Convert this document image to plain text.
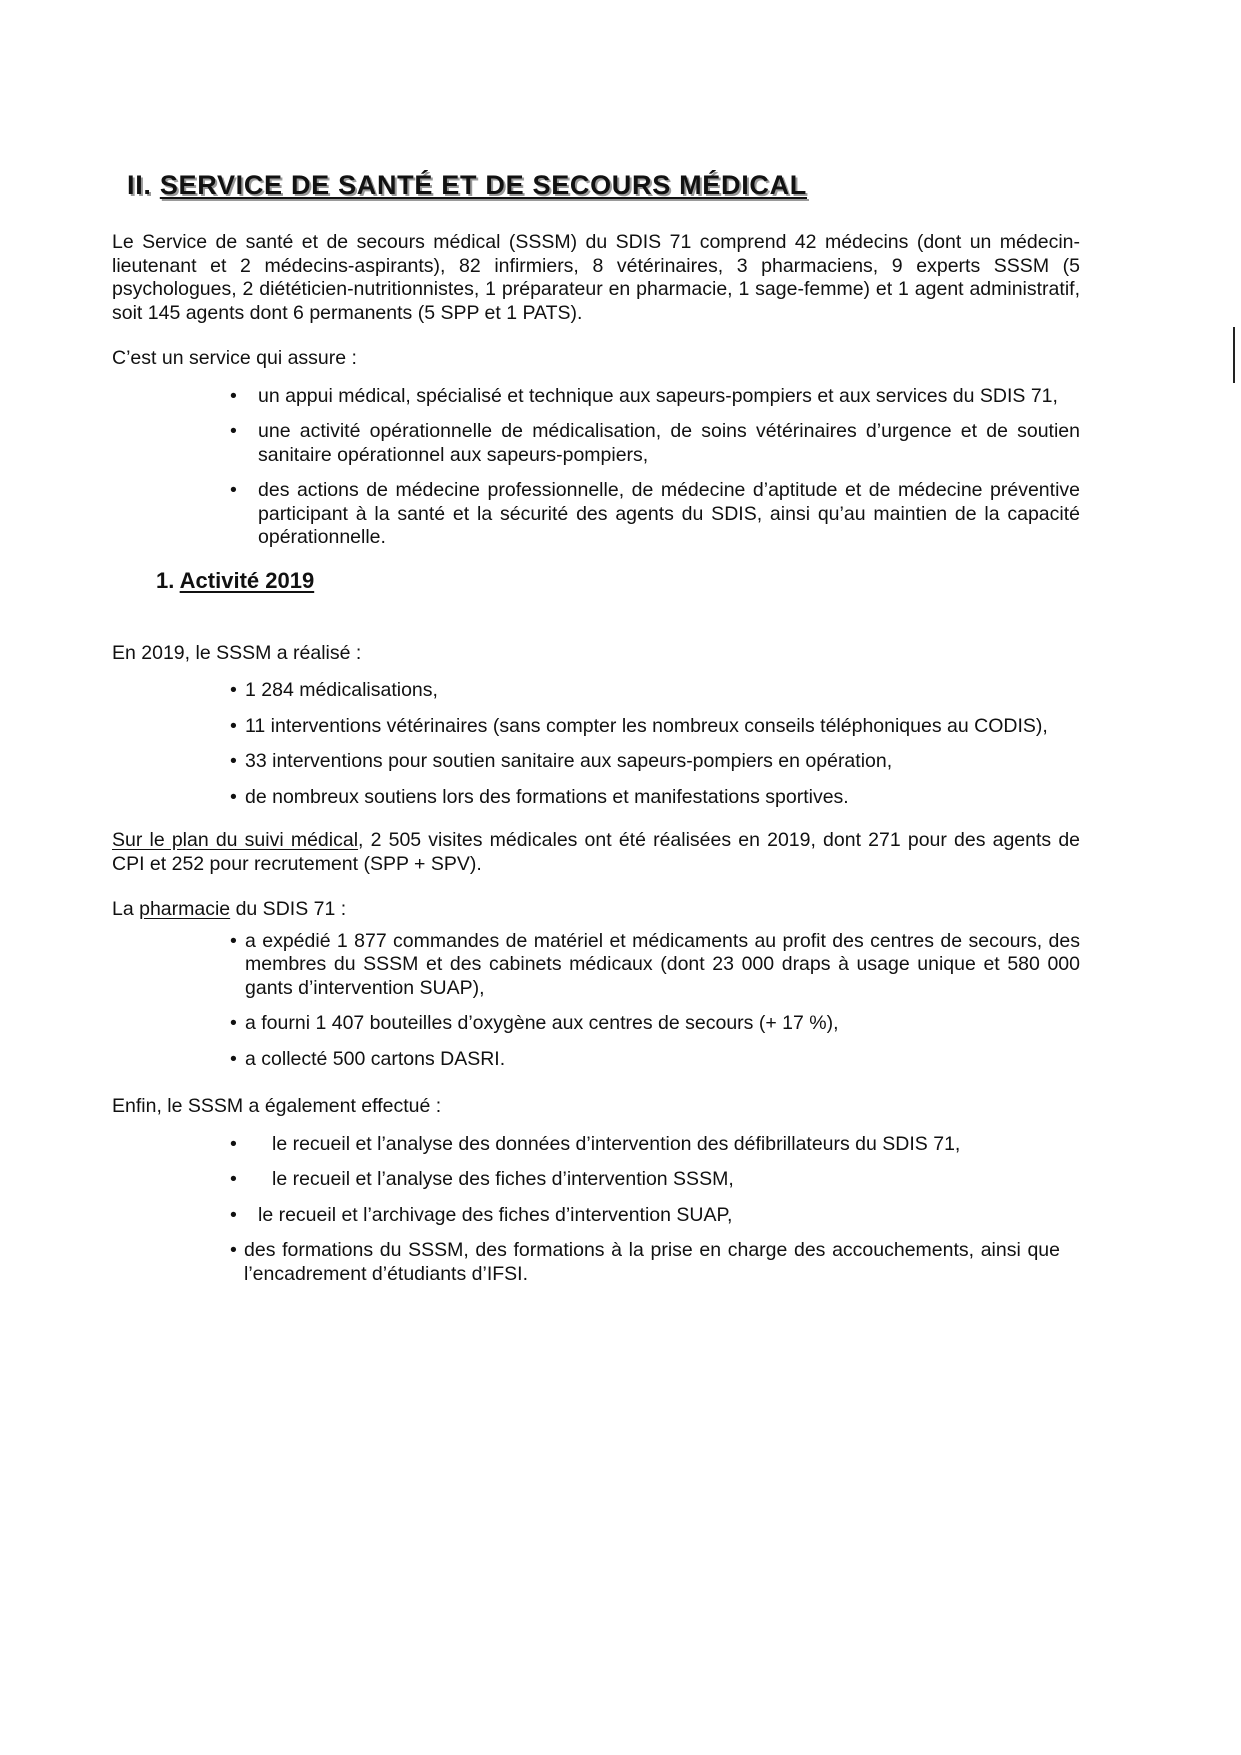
II. SERVICE DE SANTÉ ET DE SECOURS MÉDICAL

Le Service de santé et de secours médical (SSSM) du SDIS 71 comprend 42 médecins (dont un médecin-lieutenant et 2 médecins-aspirants), 82 infirmiers, 8 vétérinaires, 3 pharmaciens, 9 experts SSSM (5 psychologues, 2 diététicien-nutritionnistes, 1 préparateur en pharmacie, 1 sage-femme) et 1 agent administratif, soit 145 agents dont 6 permanents (5 SPP et 1 PATS).

C’est un service qui assure :

• un appui médical, spécialisé et technique aux sapeurs-pompiers et aux services du SDIS 71,
• une activité opérationnelle de médicalisation, de soins vétérinaires d’urgence et de soutien sanitaire opérationnel aux sapeurs-pompiers,
• des actions de médecine professionnelle, de médecine d’aptitude et de médecine préventive participant à la santé et la sécurité des agents du SDIS, ainsi qu’au maintien de la capacité opérationnelle.
1. Activité 2019

En 2019, le SSSM a réalisé :

• 1 284 médicalisations,
• 11 interventions vétérinaires (sans compter les nombreux conseils téléphoniques au CODIS),
• 33 interventions pour soutien sanitaire aux sapeurs-pompiers en opération,
• de nombreux soutiens lors des formations et manifestations sportives.

Sur le plan du suivi médical, 2 505 visites médicales ont été réalisées en 2019, dont 271 pour des agents de CPI et 252 pour recrutement (SPP + SPV).

La pharmacie du SDIS 71 :

• a expédié 1 877 commandes de matériel et médicaments au profit des centres de secours, des membres du SSSM et des cabinets médicaux (dont 23 000 draps à usage unique et 580 000 gants d’intervention SUAP),
• a fourni 1 407 bouteilles d’oxygène aux centres de secours (+ 17 %),
• a collecté 500 cartons DASRI.

Enfin, le SSSM a également effectué :

• le recueil et l’analyse des données d’intervention des défibrillateurs du SDIS 71,
• le recueil et l’analyse des fiches d’intervention SSSM,
• le recueil et l’archivage des fiches d’intervention SUAP,
• des formations du SSSM, des formations à la prise en charge des accouchements, ainsi que l’encadrement d’étudiants d’IFSI.
